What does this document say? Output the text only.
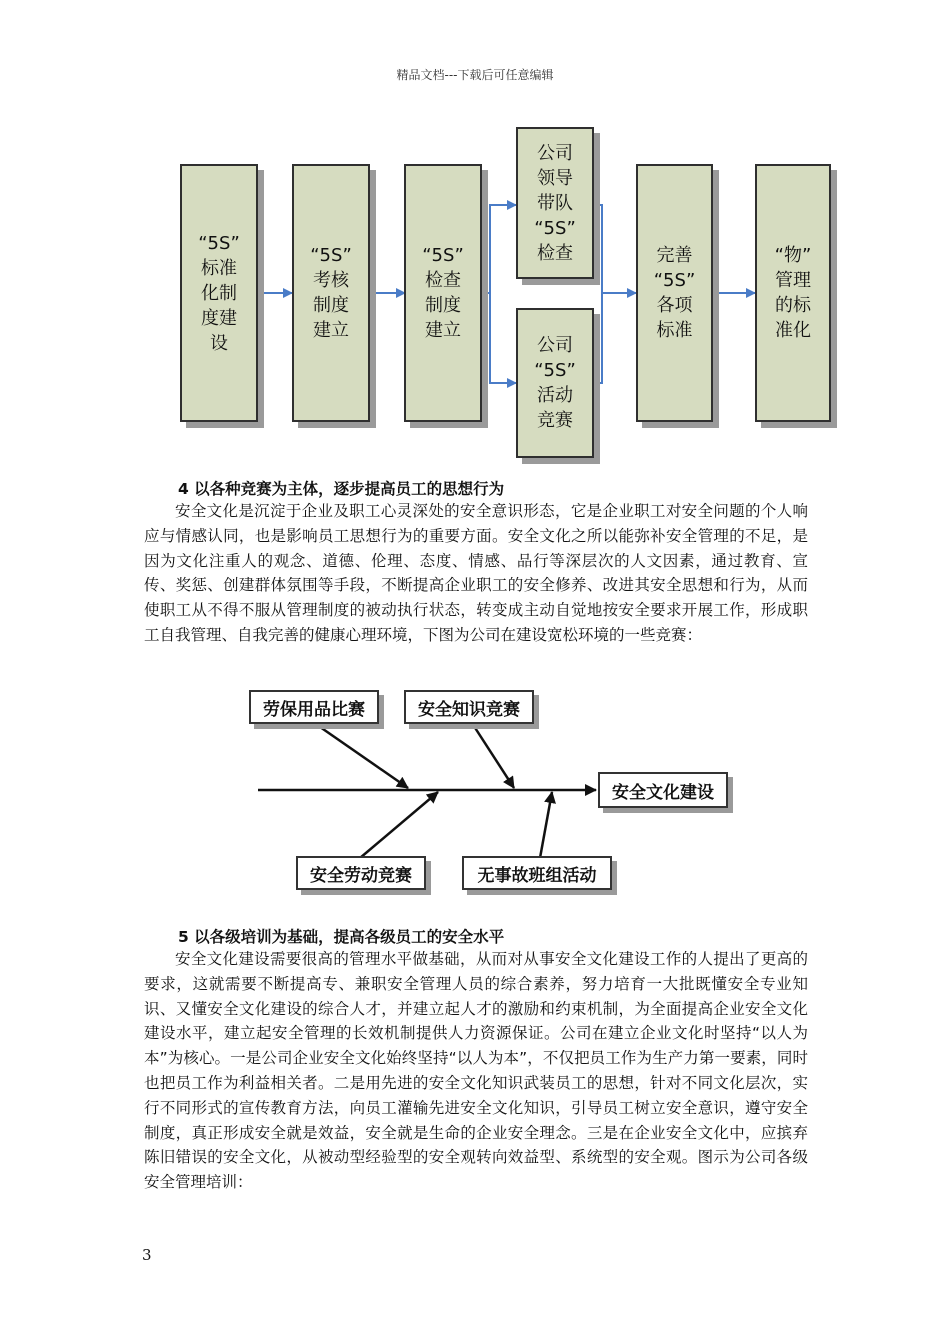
精品文档---下载后可任意编辑
“5S”
标准
化制
度建
设
“5S”
考核
制度
建立
“5S”
检查
制度
建立
公司
领导
带队
“5S”
检查
公司
“5S”
活动
竞赛
完善
“5S”
各项
标准
“物”
管理
的标
准化
4 以各种竞赛为主体，逐步提高员工的思想行为

安全文化是沉淀于企业及职工心灵深处的安全意识形态，它是企业职工对安全问题的个人响应与情感认同，也是影响员工思想行为的重要方面。安全文化之所以能弥补安全管理的不足，是因为文化注重人的观念、道德、伦理、态度、情感、品行等深层次的人文因素，通过教育、宣传、奖惩、创建群体氛围等手段，不断提高企业职工的安全修养、改进其安全思想和行为，从而使职工从不得不服从管理制度的被动执行状态，转变成主动自觉地按安全要求开展工作，形成职工自我管理、自我完善的健康心理环境，下图为公司在建设宽松环境的一些竞赛：

劳保用品比赛	安全知识竞赛
安全文化建设
安全劳动竞赛	无事故班组活动
5 以各级培训为基础，提高各级员工的安全水平

安全文化建设需要很高的管理水平做基础，从而对从事安全文化建设工作的人提出了更高的要求，这就需要不断提高专、兼职安全管理人员的综合素养，努力培育一大批既懂安全专业知识、又懂安全文化建设的综合人才，并建立起人才的激励和约束机制，为全面提高企业安全文化建设水平，建立起安全管理的长效机制提供人力资源保证。公司在建立企业文化时坚持“以人为本”为核心。一是公司企业安全文化始终坚持“以人为本”，不仅把员工作为生产力第一要素，同时也把员工作为利益相关者。二是用先进的安全文化知识武装员工的思想，针对不同文化层次，实行不同形式的宣传教育方法，向员工灌输先进安全文化知识，引导员工树立安全意识，遵守安全制度，真正形成安全就是效益，安全就是生命的企业安全理念。三是在企业安全文化中，应摈弃陈旧错误的安全文化，从被动型经验型的安全观转向效益型、系统型的安全观。图示为公司各级安全管理培训：

3
